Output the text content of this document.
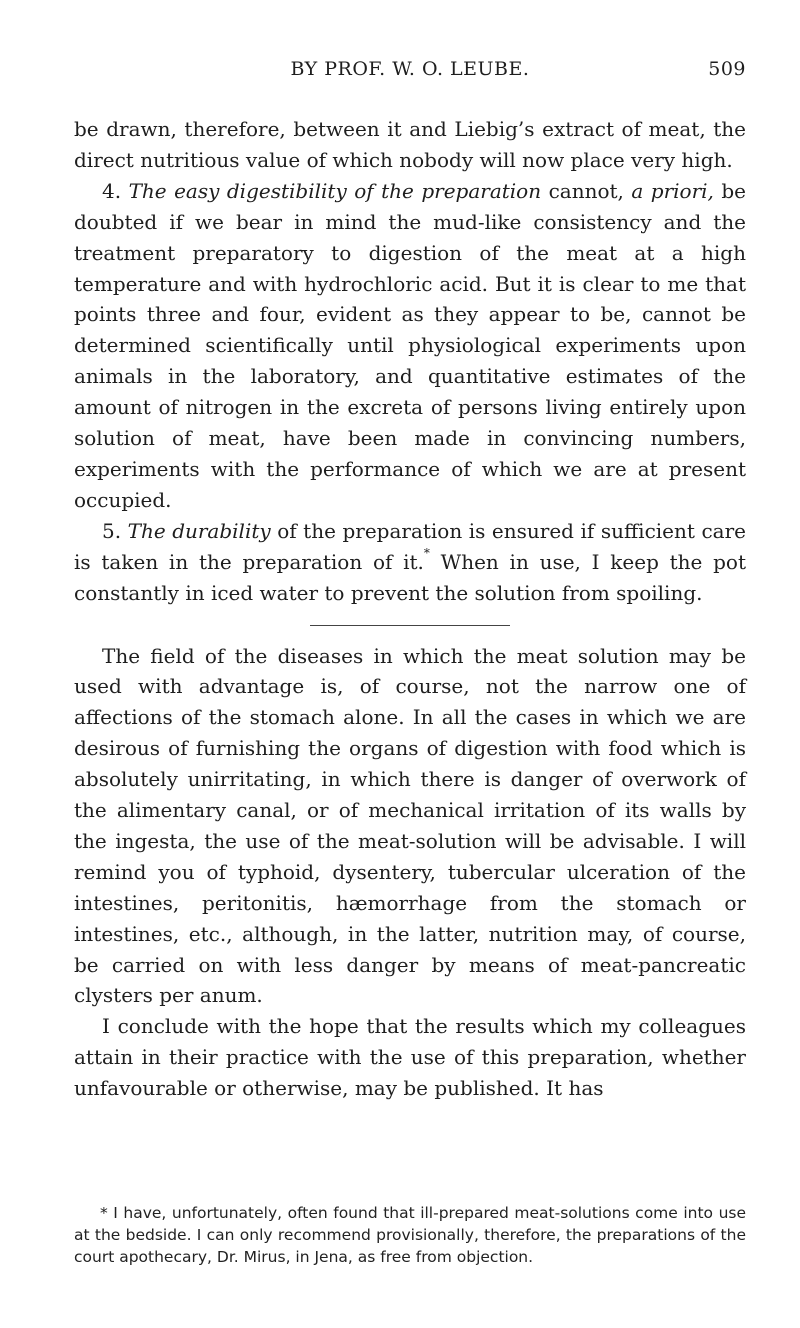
BY PROF. W. O. LEUBE.	509

be drawn, therefore, between it and Liebig’s extract of meat, the direct nutritious value of which nobody will now place very high.

4. The easy digestibility of the preparation cannot, a priori, be doubted if we bear in mind the mud-like consistency and the treatment preparatory to digestion of the meat at a high temperature and with hydrochloric acid. But it is clear to me that points three and four, evident as they appear to be, cannot be determined scientifically until physiological experiments upon animals in the laboratory, and quantitative estimates of the amount of nitrogen in the excreta of persons living entirely upon solution of meat, have been made in convincing numbers, experiments with the performance of which we are at present occupied.

5. The durability of the preparation is ensured if sufficient care is taken in the preparation of it.* When in use, I keep the pot constantly in iced water to prevent the solution from spoiling.

The field of the diseases in which the meat solution may be used with advantage is, of course, not the narrow one of affections of the stomach alone. In all the cases in which we are desirous of furnishing the organs of digestion with food which is absolutely unirritating, in which there is danger of overwork of the alimentary canal, or of mechanical irritation of its walls by the ingesta, the use of the meat-solution will be advisable. I will remind you of typhoid, dysentery, tubercular ulceration of the intestines, peritonitis, hæmorrhage from the stomach or intestines, etc., although, in the latter, nutrition may, of course, be carried on with less danger by means of meat-pancreatic clysters per anum.

I conclude with the hope that the results which my colleagues attain in their practice with the use of this preparation, whether unfavourable or otherwise, may be published. It has

* I have, unfortunately, often found that ill-prepared meat-solutions come into use at the bedside. I can only recommend provisionally, therefore, the preparations of the court apothecary, Dr. Mirus, in Jena, as free from objection.
